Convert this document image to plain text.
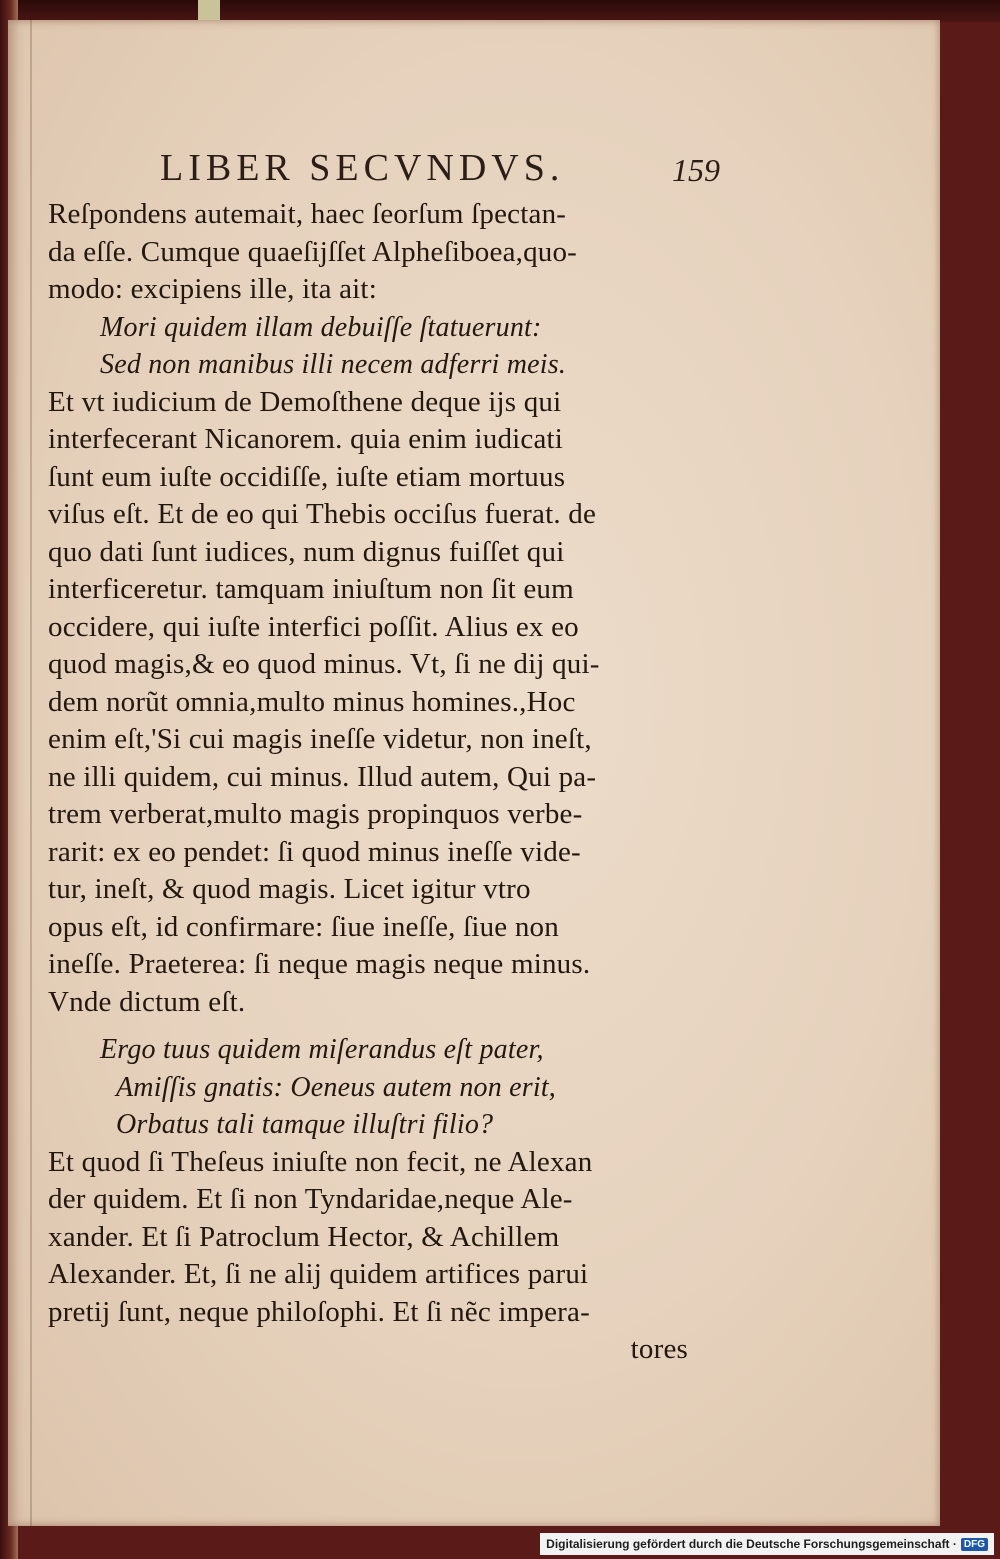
LIBER SECVNDVS.	159
Reſpondens autemait, haec ſeorſum ſpectan-
da eſſe. Cumque quaeſijſſet Alpheſiboea,quo-
modo: excipiens ille, ita ait:
Mori quidem illam debuiſſe ſtatuerunt:
Sed non manibus illi necem adferri meis.
Et vt iudicium de Demoſthene deque ijs qui
interfecerant Nicanorem. quia enim iudicati
ſunt eum iuſte occidiſſe, iuſte etiam mortuus
viſus eſt. Et de eo qui Thebis occiſus fuerat. de
quo dati ſunt iudices, num dignus fuiſſet qui
interficeretur. tamquam iniuſtum non ſit eum
occidere, qui iuſte interfici poſſit. Alius ex eo
quod magis,& eo quod minus. Vt, ſi ne dij qui-
dem norũt omnia,multo minus homines.,Hoc
enim eſt,'Si cui magis ineſſe videtur, non ineſt,
ne illi quidem, cui minus. Illud autem, Qui pa-
trem verberat,multo magis propinquos verbe-
rarit: ex eo pendet: ſi quod minus ineſſe vide-
tur, ineſt, & quod magis. Licet igitur vtro
opus eſt, id confirmare: ſiue ineſſe, ſiue non
ineſſe. Praeterea: ſi neque magis neque minus.
Vnde dictum eſt.
Ergo tuus quidem miſerandus eſt pater,
Amiſſis gnatis: Oeneus autem non erit,
Orbatus tali tamque illuſtri filio?
Et quod ſi Theſeus iniuſte non fecit, ne Alexan
der quidem. Et ſi non Tyndaridae,neque Ale-
xander. Et ſi Patroclum Hector, & Achillem
Alexander. Et, ſi ne alij quidem artifices parui
pretij ſunt, neque philoſophi. Et ſi nẽc impera-
tores
Digitalisierung gefördert durch die Deutsche Forschungsgemeinschaft · DFG
